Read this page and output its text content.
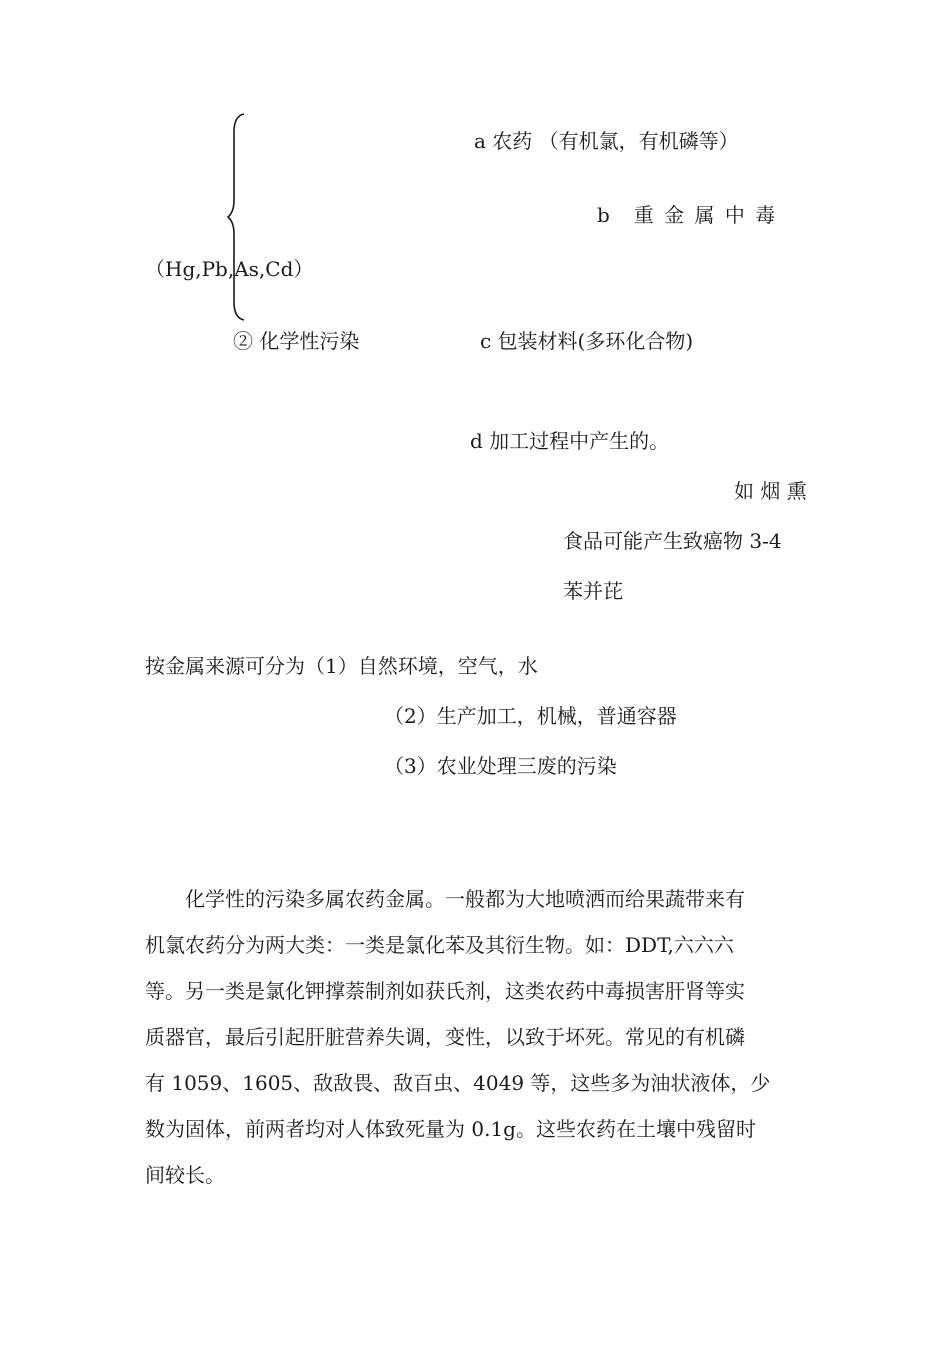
a 农药 （有机氯，有机磷等）
b　重 金 属 中 毒
（Hg,Pb,As,Cd）
② 化学性污染	c 包装材料(多环化合物)
d 加工过程中产生的。
如 烟 熏
食品可能产生致癌物 3-4
苯并芘
按金属来源可分为（1）自然环境，空气，水
（2）生产加工，机械，普通容器
（3）农业处理三废的污染
化学性的污染多属农药金属。一般都为大地喷洒而给果蔬带来有
机氯农药分为两大类：一类是氯化苯及其衍生物。如：DDT,六六六
等。另一类是氯化钾撑萘制剂如获氏剂，这类农药中毒损害肝肾等实
质器官，最后引起肝脏营养失调，变性，以致于坏死。常见的有机磷
有 1059、1605、敌敌畏、敌百虫、4049 等，这些多为油状液体，少
数为固体，前两者均对人体致死量为 0.1g。这些农药在土壤中残留时
间较长。
